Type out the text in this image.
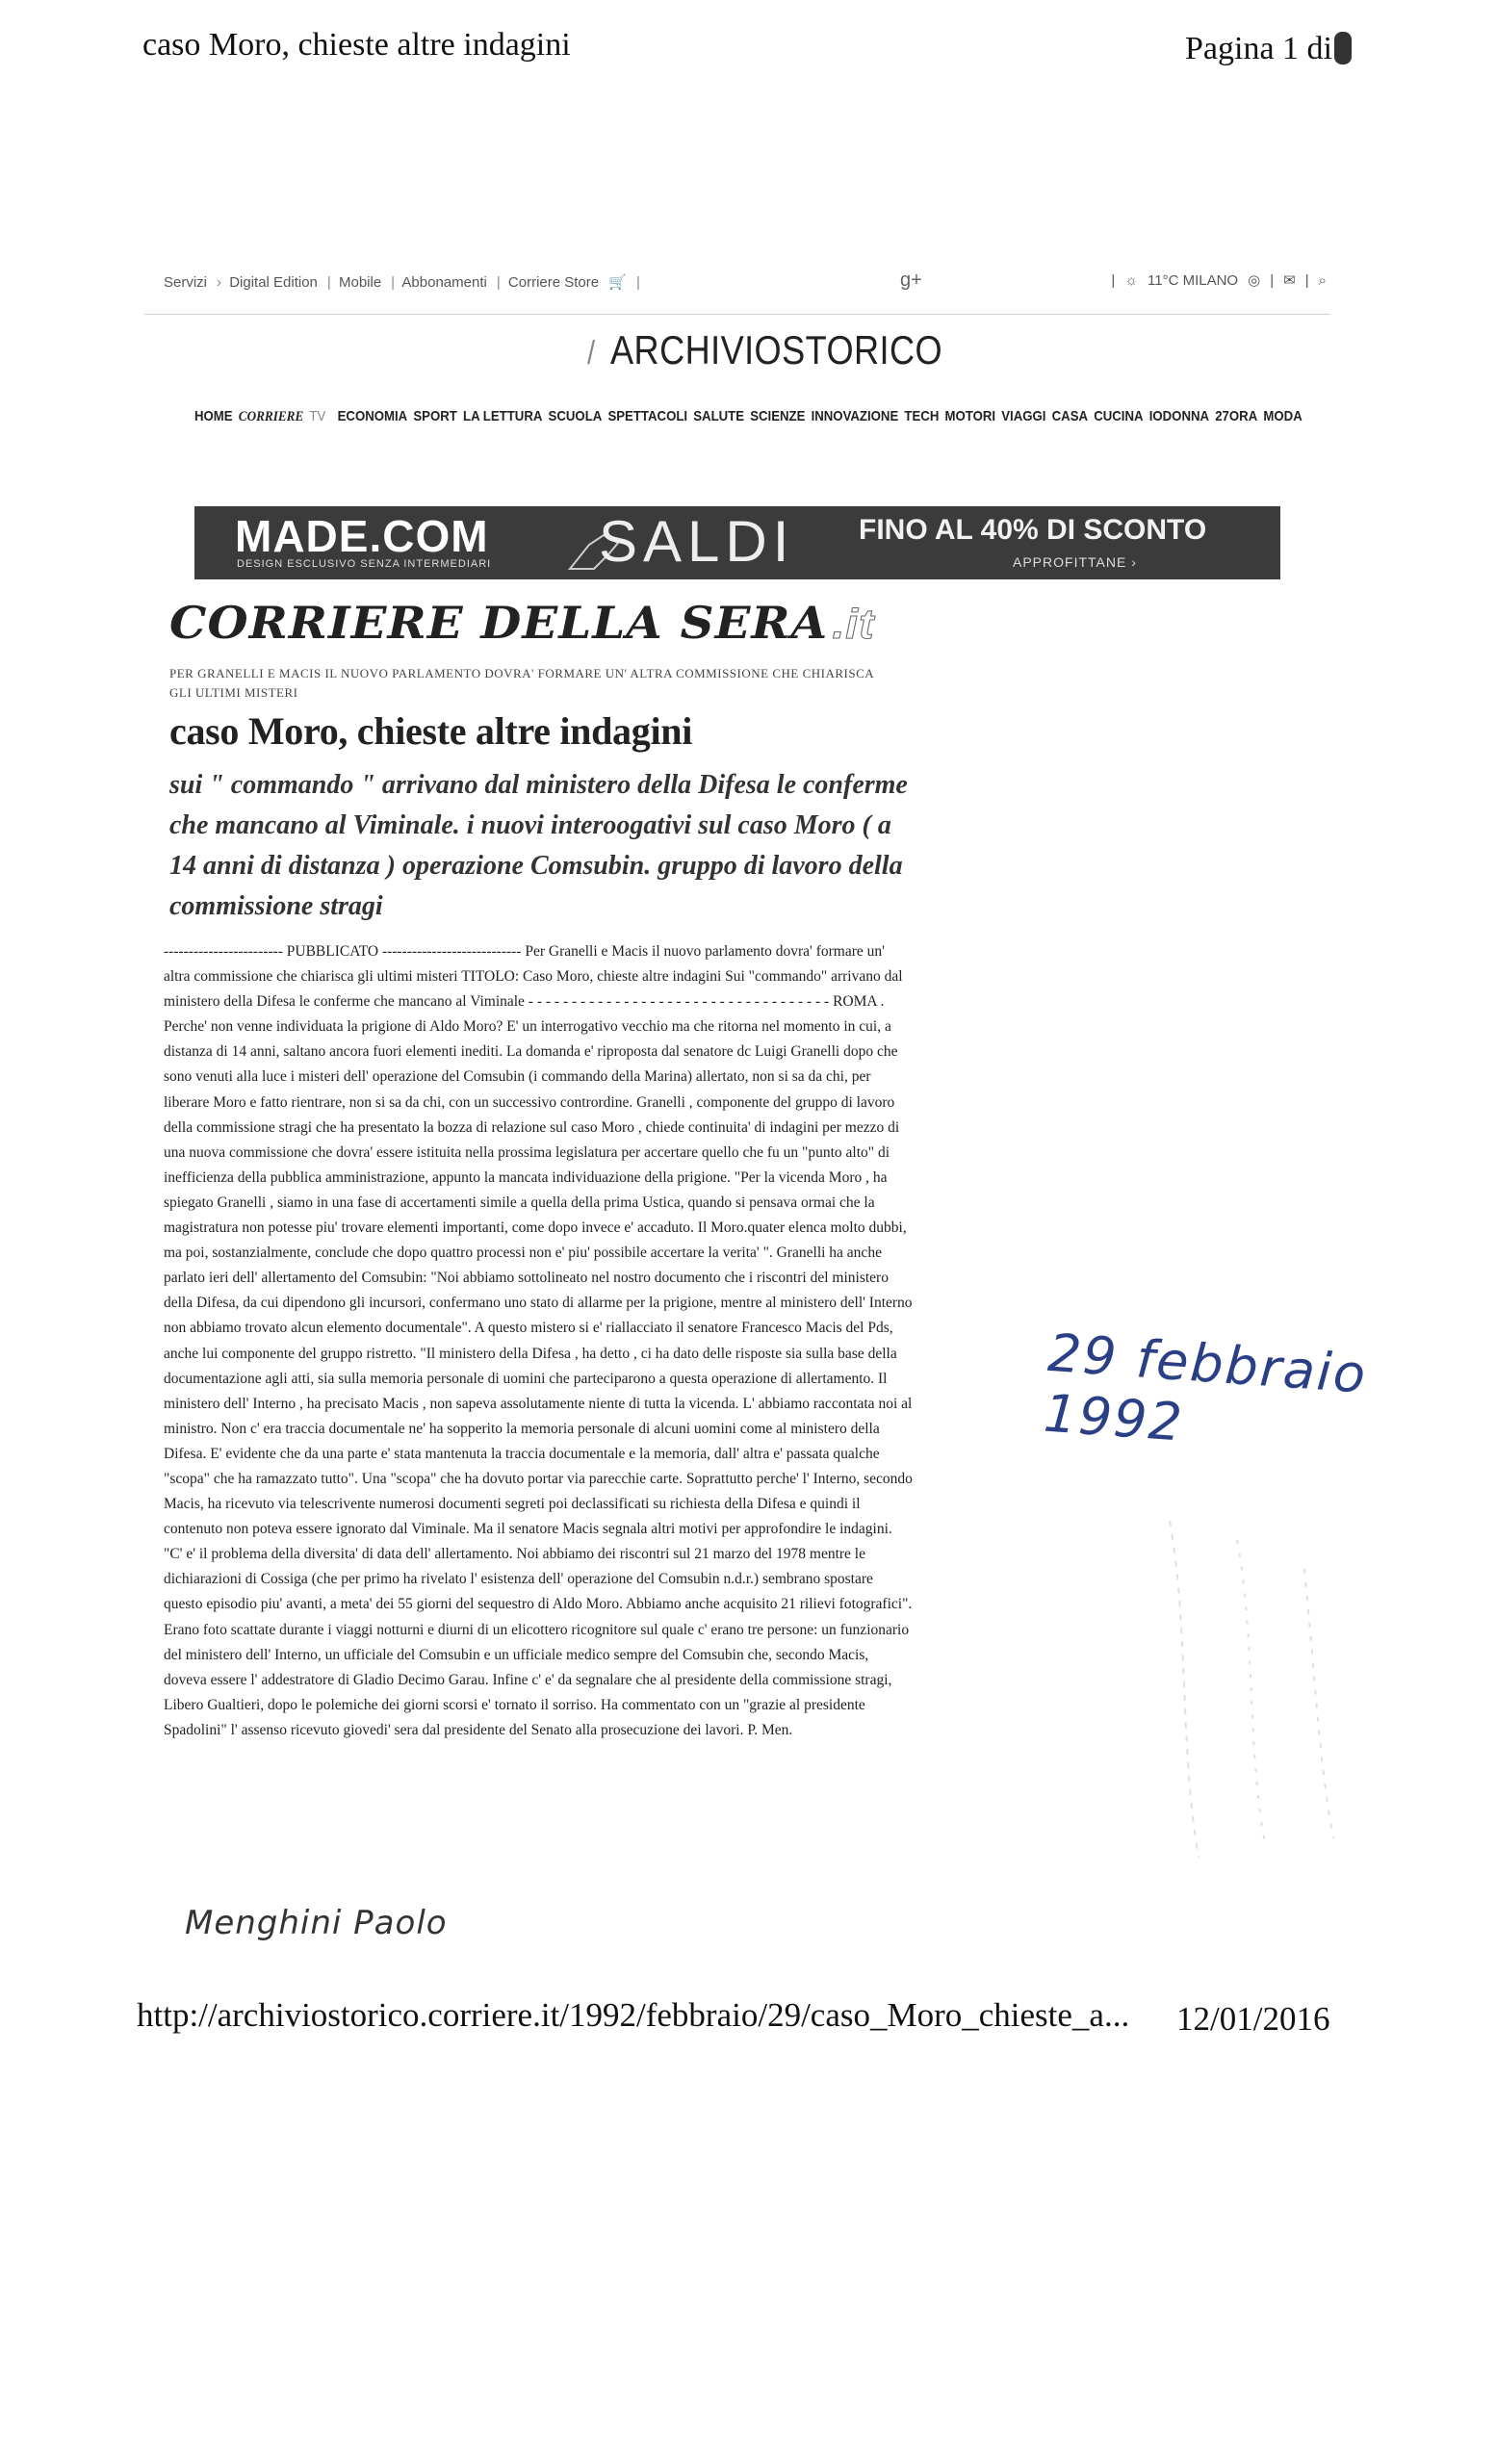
caso Moro, chieste altre indagini	Pagina 1 di
Servizi › Digital Edition | Mobile | Abbonamenti | Corriere Store 🛒 |	g+	| ☼ 11°C MILANO ◎ | ✉ | ⌕
/ ARCHIVIOSTORICO
HOME CORRIERE TV ECONOMIA SPORT LA LETTURA SCUOLA SPETTACOLI SALUTE SCIENZE INNOVAZIONE TECH MOTORI VIAGGI CASA CUCINA IODONNA 27ORA MODA
MADE.COM
DESIGN ESCLUSIVO SENZA INTERMEDIARI SALDI FINO AL 40% DI SCONTO
APPROFITTANE ›
CORRIERE DELLA SERA.it
PER GRANELLI E MACIS IL NUOVO PARLAMENTO DOVRA' FORMARE UN' ALTRA COMMISSIONE CHE CHIARISCA GLI ULTIMI MISTERI
caso Moro, chieste altre indagini
sui " commando " arrivano dal ministero della Difesa le conferme che mancano al Viminale. i nuovi interoogativi sul caso Moro ( a 14 anni di distanza ) operazione Comsubin. gruppo di lavoro della commissione stragi
------------------------ PUBBLICATO ---------------------------- Per Granelli e Macis il nuovo parlamento dovra' formare un' altra commissione che chiarisca gli ultimi misteri TITOLO: Caso Moro, chieste altre indagini Sui "commando" arrivano dal ministero della Difesa le conferme che mancano al Viminale - - - - - - - - - - - - - - - - - - - - - - - - - - - - - - - - - - - ROMA . Perche' non venne individuata la prigione di Aldo Moro? E' un interrogativo vecchio ma che ritorna nel momento in cui, a distanza di 14 anni, saltano ancora fuori elementi inediti. La domanda e' riproposta dal senatore dc Luigi Granelli dopo che sono venuti alla luce i misteri dell' operazione del Comsubin (i commando della Marina) allertato, non si sa da chi, per liberare Moro e fatto rientrare, non si sa da chi, con un successivo contrordine. Granelli , componente del gruppo di lavoro della commissione stragi che ha presentato la bozza di relazione sul caso Moro , chiede continuita' di indagini per mezzo di una nuova commissione che dovra' essere istituita nella prossima legislatura per accertare quello che fu un "punto alto" di inefficienza della pubblica amministrazione, appunto la mancata individuazione della prigione. "Per la vicenda Moro , ha spiegato Granelli , siamo in una fase di accertamenti simile a quella della prima Ustica, quando si pensava ormai che la magistratura non potesse piu' trovare elementi importanti, come dopo invece e' accaduto. Il Moro.quater elenca molto dubbi, ma poi, sostanzialmente, conclude che dopo quattro processi non e' piu' possibile accertare la verita' ". Granelli ha anche parlato ieri dell' allertamento del Comsubin: "Noi abbiamo sottolineato nel nostro documento che i riscontri del ministero della Difesa, da cui dipendono gli incursori, confermano uno stato di allarme per la prigione, mentre al ministero dell' Interno non abbiamo trovato alcun elemento documentale". A questo mistero si e' riallacciato il senatore Francesco Macis del Pds, anche lui componente del gruppo ristretto. "Il ministero della Difesa , ha detto , ci ha dato delle risposte sia sulla base della documentazione agli atti, sia sulla memoria personale di uomini che parteciparono a questa operazione di allertamento. Il ministero dell' Interno , ha precisato Macis , non sapeva assolutamente niente di tutta la vicenda. L' abbiamo raccontata noi al ministro. Non c' era traccia documentale ne' ha sopperito la memoria personale di alcuni uomini come al ministero della Difesa. E' evidente che da una parte e' stata mantenuta la traccia documentale e la memoria, dall' altra e' passata qualche "scopa" che ha ramazzato tutto". Una "scopa" che ha dovuto portar via parecchie carte. Soprattutto perche' l' Interno, secondo Macis, ha ricevuto via telescrivente numerosi documenti segreti poi declassificati su richiesta della Difesa e quindi il contenuto non poteva essere ignorato dal Viminale. Ma il senatore Macis segnala altri motivi per approfondire le indagini. "C' e' il problema della diversita' di data dell' allertamento. Noi abbiamo dei riscontri sul 21 marzo del 1978 mentre le dichiarazioni di Cossiga (che per primo ha rivelato l' esistenza dell' operazione del Comsubin n.d.r.) sembrano spostare questo episodio piu' avanti, a meta' dei 55 giorni del sequestro di Aldo Moro. Abbiamo anche acquisito 21 rilievi fotografici". Erano foto scattate durante i viaggi notturni e diurni di un elicottero ricognitore sul quale c' erano tre persone: un funzionario del ministero dell' Interno, un ufficiale del Comsubin e un ufficiale medico sempre del Comsubin che, secondo Macis, doveva essere l' addestratore di Gladio Decimo Garau. Infine c' e' da segnalare che al presidente della commissione stragi, Libero Gualtieri, dopo le polemiche dei giorni scorsi e' tornato il sorriso. Ha commentato con un "grazie al presidente Spadolini" l' assenso ricevuto giovedi' sera dal presidente del Senato alla prosecuzione dei lavori. P. Men.
29 febbraio 1992
Menghini Paolo
http://archiviostorico.corriere.it/1992/febbraio/29/caso_Moro_chieste_a... 12/01/2016
